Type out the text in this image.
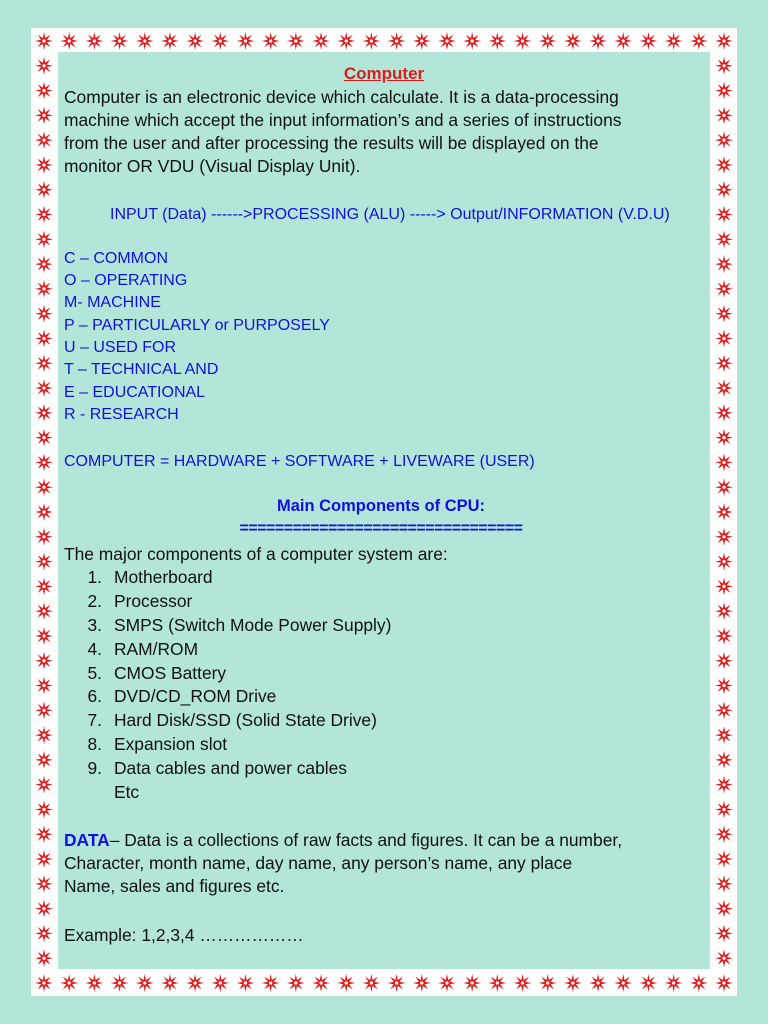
Computer
Computer is an electronic device which calculate. It is a data-processing
machine which accept the input information’s and a series of instructions
from the user and after processing the results will be displayed on the
monitor OR VDU (Visual Display Unit).
INPUT (Data) ------>PROCESSING (ALU) -----> Output/INFORMATION (V.D.U)
C – COMMON
O – OPERATING
M- MACHINE
P – PARTICULARLY or PURPOSELY
U – USED FOR
T – TECHNICAL AND
E – EDUCATIONAL
R - RESEARCH
COMPUTER = HARDWARE + SOFTWARE + LIVEWARE (USER)
Main Components of CPU:
================================
The major components of a computer system are:
1. Motherboard
2. Processor
3. SMPS (Switch Mode Power Supply)
4. RAM/ROM
5. CMOS Battery
6. DVD/CD_ROM Drive
7. Hard Disk/SSD (Solid State Drive)
8. Expansion slot
9. Data cables and power cables
Etc
DATA– Data is a collections of raw facts and figures. It can be a number,
Character, month name, day name, any person’s name, any place
Name, sales and figures etc.
Example: 1,2,3,4 ………………
